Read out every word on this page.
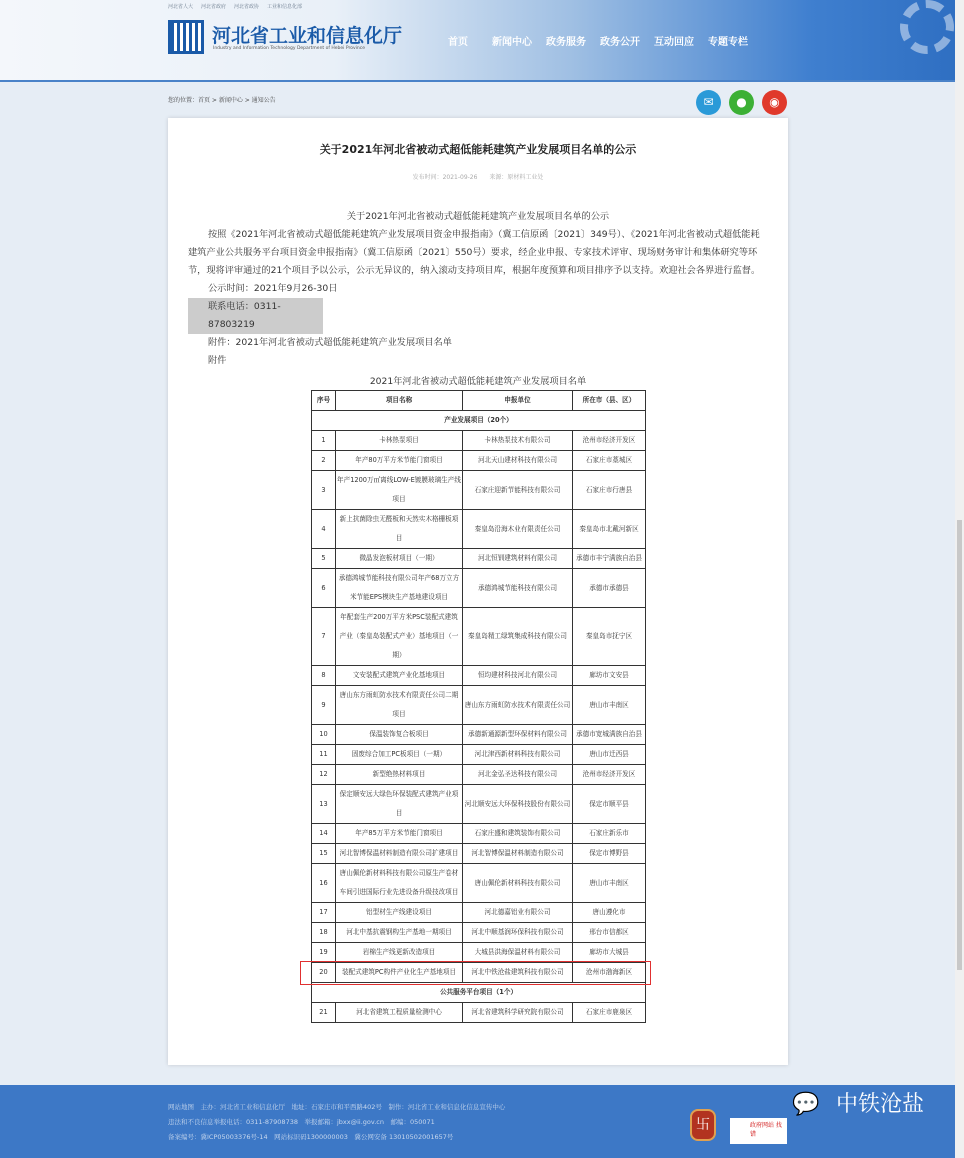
河北省人大 河北省政府 河北省政协 工业和信息化部
河北省工业和信息化厅
Industry and Information Technology Department of Hebei Province
首页 新闻中心 政务服务 政务公开 互动回应 专题专栏
您的位置：首页 > 新闻中心 > 通知公告	✉	●	◉
关于2021年河北省被动式超低能耗建筑产业发展项目名单的公示
发布时间：2021-09-26　　来源：原材料工业处
关于2021年河北省被动式超低能耗建筑产业发展项目名单的公示

按照《2021年河北省被动式超低能耗建筑产业发展项目资金申报指南》（冀工信原函〔2021〕349号）、《2021年河北省被动式超低能耗建筑产业公共服务平台项目资金申报指南》（冀工信原函〔2021〕550号）要求，经企业申报、专家技术评审、现场财务审计和集体研究等环节，现将评审通过的21个项目予以公示，公示无异议的，纳入滚动支持项目库，根据年度预算和项目排序予以支持。欢迎社会各界进行监督。

公示时间：2021年9月26-30日

联系电话：0311-87803219

附件：2021年河北省被动式超低能耗建筑产业发展项目名单

附件

2021年河北省被动式超低能耗建筑产业发展项目名单
序号	项目名称	申报单位	所在市（县、区）
产业发展项目（20个）			
1	卡林热泵项目	卡林热泵技术有限公司	沧州市经济开发区
2	年产80万平方米节能门窗项目	河北天山建材科技有限公司	石家庄市藁城区
3	年产1200万㎡离线LOW-E镀膜玻璃生产线项目	石家庄迎新节能科技有限公司	石家庄市行唐县
4	新上抗菌除虫无醛板和天然实木格栅板项目	秦皇岛沿海木业有限责任公司	秦皇岛市北戴河新区
5	微晶发泡板材项目（一期）	河北恒钏建筑材料有限公司	承德市丰宁满族自治县
6	承德鸿城节能科技有限公司年产68万立方米节能EPS模块生产基地建设项目	承德鸿城节能科技有限公司	承德市承德县
7	年配套生产200万平方米PSC装配式建筑产业（秦皇岛装配式产业）基地项目（一期）	秦皇岛精工绿筑集成科技有限公司	秦皇岛市抚宁区
8	文安装配式建筑产业化基地项目	恒均建材科技河北有限公司	廊坊市文安县
9	唐山东方雨虹防水技术有限责任公司二期项目	唐山东方雨虹防水技术有限责任公司	唐山市丰南区
10	保温装饰复合板项目	承德新通源新型环保材料有限公司	承德市宽城满族自治县
11	固废综合加工PC板项目（一期）	河北津西新材料科技有限公司	唐山市迁西县
12	新型绝热材料项目	河北金弘圣达科技有限公司	沧州市经济开发区
13	保定顺安远大绿色环保装配式建筑产业项目	河北顺安远大环保科技股份有限公司	保定市顺平县
14	年产85万平方米节能门窗项目	石家庄盛和建筑装饰有限公司	石家庄新乐市
15	河北智博保温材料制造有限公司扩建项目	河北智博保温材料制造有限公司	保定市博野县
16	唐山佩伦新材料科技有限公司原生产卷材车间引进国际行业先进设备升级技改项目	唐山佩伦新材料科技有限公司	唐山市丰南区
17	铝型材生产线建设项目	河北德嘉铝业有限公司	唐山遵化市
18	河北中基抗震钢构生产基地一期项目	河北中顺基润环保科技有限公司	邢台市信都区
19	岩棉生产线更新改造项目	大城县洪海保温材料有限公司	廊坊市大城县
20	装配式建筑PC构件产业化生产基地项目	河北中铁沧盐建筑科技有限公司	沧州市渤海新区
公共服务平台项目（1个）			
21	河北省建筑工程质量检测中心	河北省建筑科学研究院有限公司	石家庄市鹿泉区
网站地图　主办：河北省工业和信息化厅　地址：石家庄市和平西路402号　制作：河北省工业和信息化信息宣传中心
违法和不良信息举报电话：0311-87908738　举报邮箱：jbxx@ii.gov.cn　邮编：050071
备案编号：冀ICP05003376号-14　网站标识码1300000003　冀公网安备 13010502001657号
卐	政府网站 找错
💬 中铁沧盐
